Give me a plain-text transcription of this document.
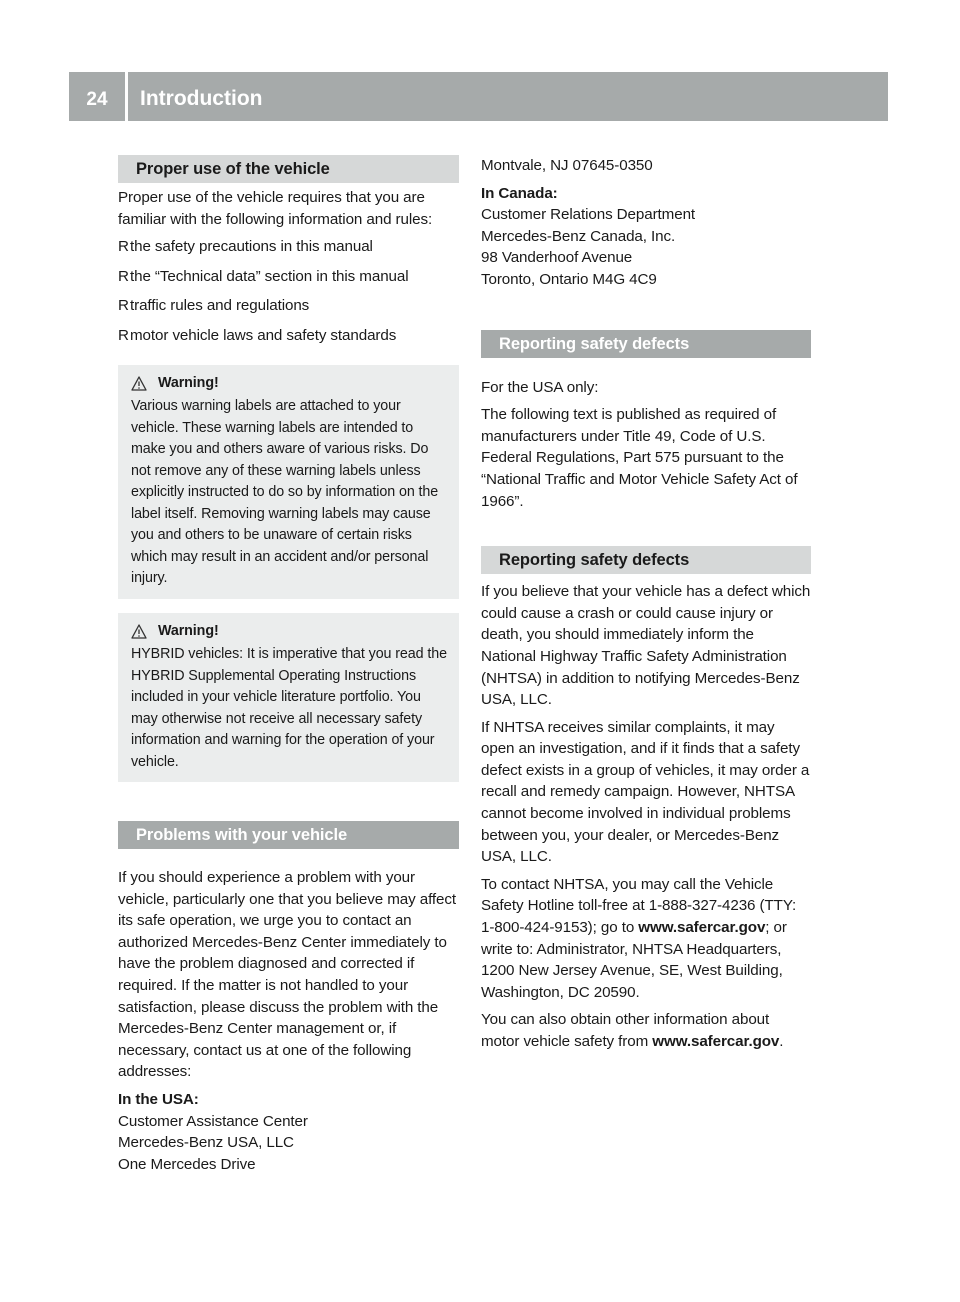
24	Introduction
Proper use of the vehicle

Proper use of the vehicle requires that you are familiar with the following information and rules:

R the safety precautions in this manual
R the “Technical data” section in this manual
R traffic rules and regulations
R motor vehicle laws and safety standards
Warning!
Various warning labels are attached to your vehicle. These warning labels are intended to make you and others aware of various risks. Do not remove any of these warning labels unless explicitly instructed to do so by information on the label itself. Removing warning labels may cause you and others to be unaware of certain risks which may result in an accident and/or personal injury.
Warning!
HYBRID vehicles: It is imperative that you read the HYBRID Supplemental Operating Instructions included in your vehicle literature portfolio. You may otherwise not receive all necessary safety information and warning for the operation of your vehicle.
Problems with your vehicle

If you should experience a problem with your vehicle, particularly one that you believe may affect its safe operation, we urge you to contact an authorized Mercedes-Benz Center immediately to have the problem diagnosed and corrected if required. If the matter is not handled to your satisfaction, please discuss the problem with the Mercedes-Benz Center management or, if necessary, contact us at one of the following addresses:

In the USA:

Customer Assistance Center

Mercedes-Benz USA, LLC

One Mercedes Drive

Montvale, NJ 07645-0350

In Canada:

Customer Relations Department

Mercedes-Benz Canada, Inc.

98 Vanderhoof Avenue

Toronto, Ontario M4G 4C9

Reporting safety defects

For the USA only:

The following text is published as required of manufacturers under Title 49, Code of U.S. Federal Regulations, Part 575 pursuant to the “National Traffic and Motor Vehicle Safety Act of 1966”.

Reporting safety defects

If you believe that your vehicle has a defect which could cause a crash or could cause injury or death, you should immediately inform the National Highway Traffic Safety Administration (NHTSA) in addition to notifying Mercedes-Benz USA, LLC.

If NHTSA receives similar complaints, it may open an investigation, and if it finds that a safety defect exists in a group of vehicles, it may order a recall and remedy campaign. However, NHTSA cannot become involved in individual problems between you, your dealer, or Mercedes-Benz USA, LLC.

To contact NHTSA, you may call the Vehicle Safety Hotline toll-free at 1-888-327-4236 (TTY: 1-800-424-9153); go to www.safercar.gov; or write to: Administrator, NHTSA Headquarters, 1200 New Jersey Avenue, SE, West Building, Washington, DC 20590.

You can also obtain other information about motor vehicle safety from www.safercar.gov.
